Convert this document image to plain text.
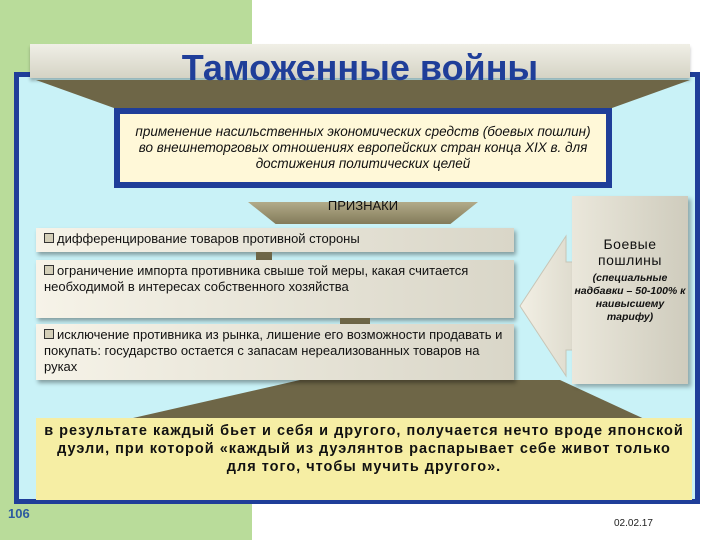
Таможенные войны
применение насильственных экономических средств (боевых пошлин) во внешнеторговых отношениях европейских стран конца XIX в. для достижения политических целей
ПРИЗНАКИ
дифференцирование товаров противной стороны
ограничение импорта противника свыше той меры, какая считается необходимой в интересах собственного хозяйства
исключение противника из рынка, лишение его возможности продавать и покупать: государство остается с запасам нереализованных товаров на руках
Боевые пошлины
(специальные надбавки – 50-100% к наивысшему тарифу)
в результате каждый бьет и себя и другого, получается нечто вроде японской дуэли, при которой «каждый из дуэлянтов распарывает себе живот только для того, чтобы мучить другого».
106
02.02.17
